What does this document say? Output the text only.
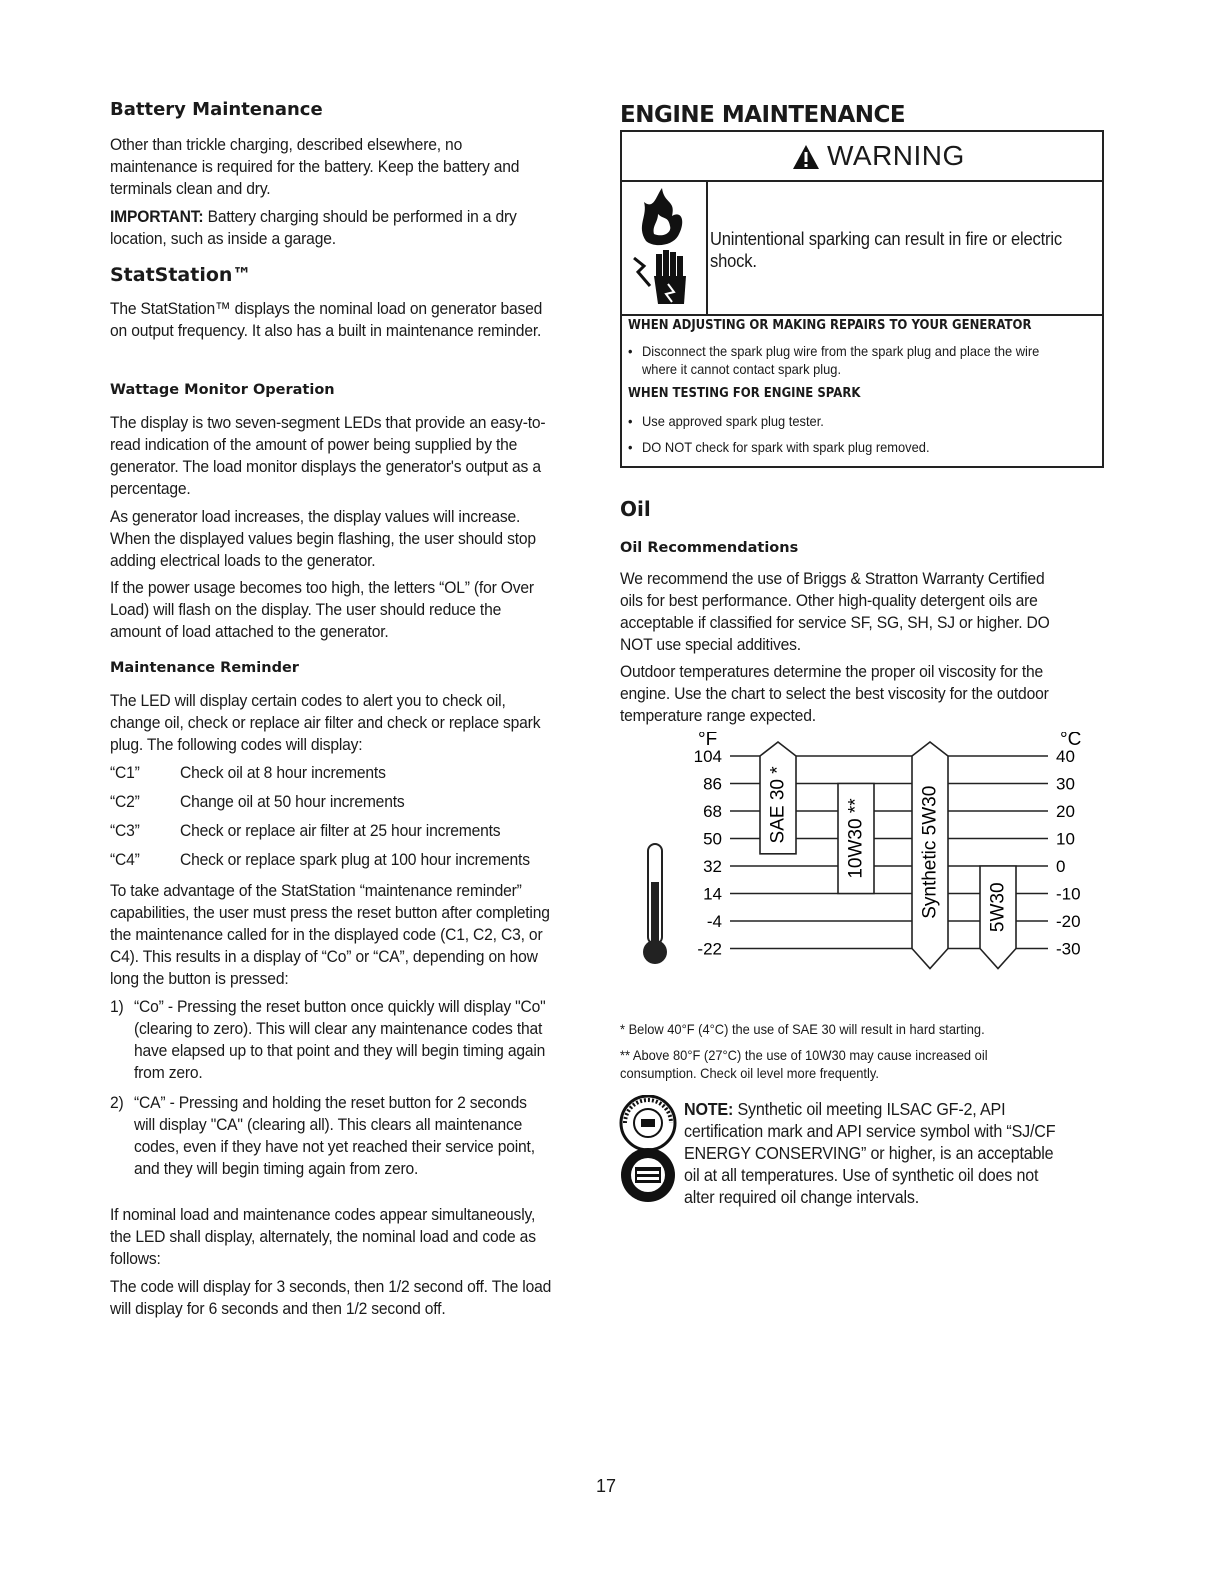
Battery Maintenance
Other than trickle charging, described elsewhere, no maintenance is required for the battery. Keep the battery and terminals clean and dry.
IMPORTANT: Battery charging should be performed in a dry location, such as inside a garage.
StatStation™
The StatStation™ displays the nominal load on generator based on output frequency. It also has a built in maintenance reminder.
Wattage Monitor Operation
The display is two seven-segment LEDs that provide an easy-to-read indication of the amount of power being supplied by the generator. The load monitor displays the generator's output as a percentage.
As generator load increases, the display values will increase. When the displayed values begin flashing, the user should stop adding electrical loads to the generator.
If the power usage becomes too high, the letters “OL” (for Over Load) will flash on the display. The user should reduce the amount of load attached to the generator.
Maintenance Reminder
The LED will display certain codes to alert you to check oil, change oil, check or replace air filter and check or replace spark plug. The following codes will display:
“C1”	Check oil at 8 hour increments
“C2”	Change oil at 50 hour increments
“C3”	Check or replace air filter at 25 hour increments
“C4”	Check or replace spark plug at 100 hour increments
To take advantage of the StatStation “maintenance reminder” capabilities, the user must press the reset button after completing the maintenance called for in the displayed code (C1, C2, C3, or C4). This results in a display of “Co” or “CA”, depending on how long the button is pressed:
1) “Co” - Pressing the reset button once quickly will display "Co" (clearing to zero). This will clear any maintenance codes that have elapsed up to that point and they will begin timing again from zero.
2) “CA” - Pressing and holding the reset button for 2 seconds will display "CA" (clearing all). This clears all maintenance codes, even if they have not yet reached their service point, and they will begin timing again from zero.
If nominal load and maintenance codes appear simultaneously, the LED shall display, alternately, the nominal load and code as follows:
The code will display for 3 seconds, then 1/2 second off. The load will display for 6 seconds and then 1/2 second off.
ENGINE MAINTENANCE
WARNING
Unintentional sparking can result in fire or electric shock.
WHEN ADJUSTING OR MAKING REPAIRS TO YOUR GENERATOR
• Disconnect the spark plug wire from the spark plug and place the wire where it cannot contact spark plug.
WHEN TESTING FOR ENGINE SPARK
• Use approved spark plug tester.
• DO NOT check for spark with spark plug removed.
Oil
Oil Recommendations
We recommend the use of Briggs & Stratton Warranty Certified oils for best performance. Other high-quality detergent oils are acceptable if classified for service SF, SG, SH, SJ or higher. DO NOT use special additives.
Outdoor temperatures determine the proper oil viscosity for the engine. Use the chart to select the best viscosity for the outdoor temperature range expected.
°F	°C
104
86
68
50
32
14
-4
-22
40
30
20
10
0
-10
-20
-30
SAE 30 *	10W30 **	Synthetic 5W30 5W30
* Below 40°F (4°C) the use of SAE 30 will result in hard starting.
** Above 80°F (27°C) the use of 10W30 may cause increased oil consumption. Check oil level more frequently.
NOTE: Synthetic oil meeting ILSAC GF-2, API certification mark and API service symbol with “SJ/CF ENERGY CONSERVING” or higher, is an acceptable oil at all temperatures. Use of synthetic oil does not alter required oil change intervals.
17
